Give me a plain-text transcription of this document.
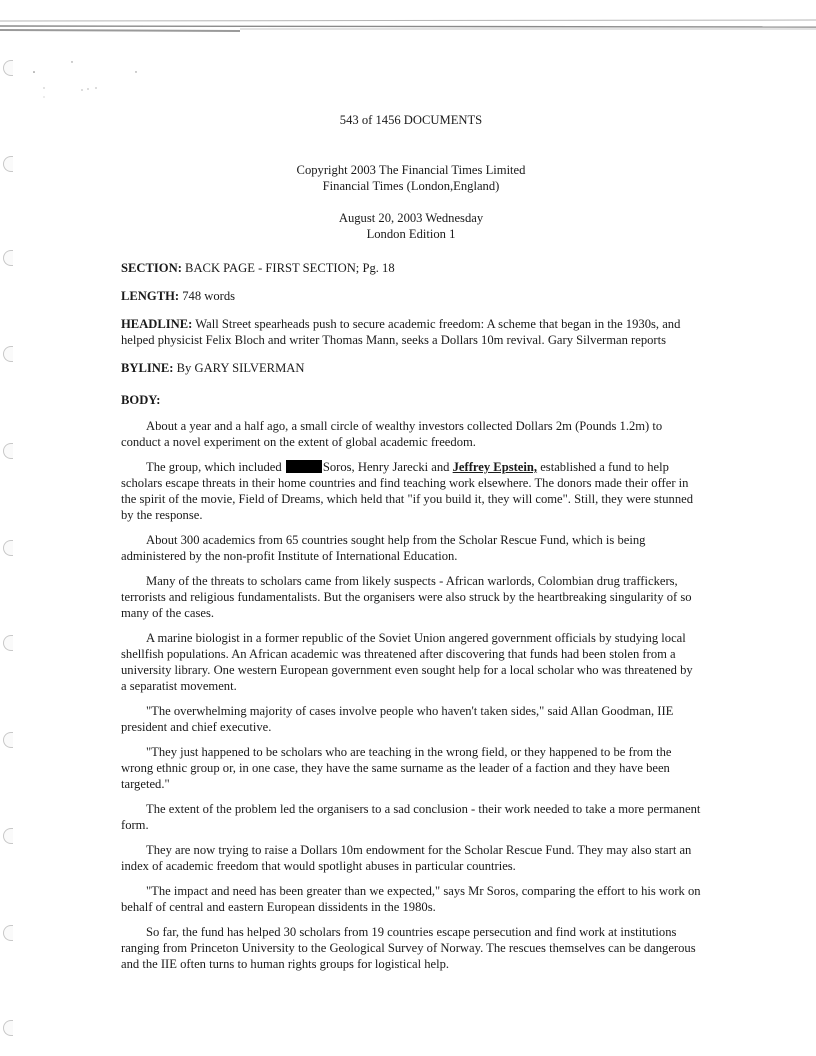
543 of 1456 DOCUMENTS
Copyright 2003 The Financial Times Limited
Financial Times (London,England)
August 20, 2003 Wednesday
London Edition 1
SECTION: BACK PAGE - FIRST SECTION; Pg. 18
LENGTH: 748 words
HEADLINE: Wall Street spearheads push to secure academic freedom: A scheme that began in the 1930s, and helped physicist Felix Bloch and writer Thomas Mann, seeks a Dollars 10m revival. Gary Silverman reports
BYLINE: By GARY SILVERMAN
BODY:

About a year and a half ago, a small circle of wealthy investors collected Dollars 2m (Pounds 1.2m) to conduct a novel experiment on the extent of global academic freedom.

The group, which included	Soros, Henry Jarecki and Jeffrey Epstein, established a fund to help scholars escape threats in their home countries and find teaching work elsewhere. The donors made their offer in the spirit of the movie, Field of Dreams, which held that "if you build it, they will come". Still, they were stunned by the response.

About 300 academics from 65 countries sought help from the Scholar Rescue Fund, which is being administered by the non-profit Institute of International Education.

Many of the threats to scholars came from likely suspects - African warlords, Colombian drug traffickers, terrorists and religious fundamentalists. But the organisers were also struck by the heartbreaking singularity of so many of the cases.

A marine biologist in a former republic of the Soviet Union angered government officials by studying local shellfish populations. An African academic was threatened after discovering that funds had been stolen from a university library. One western European government even sought help for a local scholar who was threatened by a separatist movement.

"The overwhelming majority of cases involve people who haven't taken sides," said Allan Goodman, IIE president and chief executive.

"They just happened to be scholars who are teaching in the wrong field, or they happened to be from the wrong ethnic group or, in one case, they have the same surname as the leader of a faction and they have been targeted."

The extent of the problem led the organisers to a sad conclusion - their work needed to take a more permanent form.

They are now trying to raise a Dollars 10m endowment for the Scholar Rescue Fund. They may also start an index of academic freedom that would spotlight abuses in particular countries.

"The impact and need has been greater than we expected," says Mr Soros, comparing the effort to his work on behalf of central and eastern European dissidents in the 1980s.

So far, the fund has helped 30 scholars from 19 countries escape persecution and find work at institutions ranging from Princeton University to the Geological Survey of Norway. The rescues themselves can be dangerous and the IIE often turns to human rights groups for logistical help.
